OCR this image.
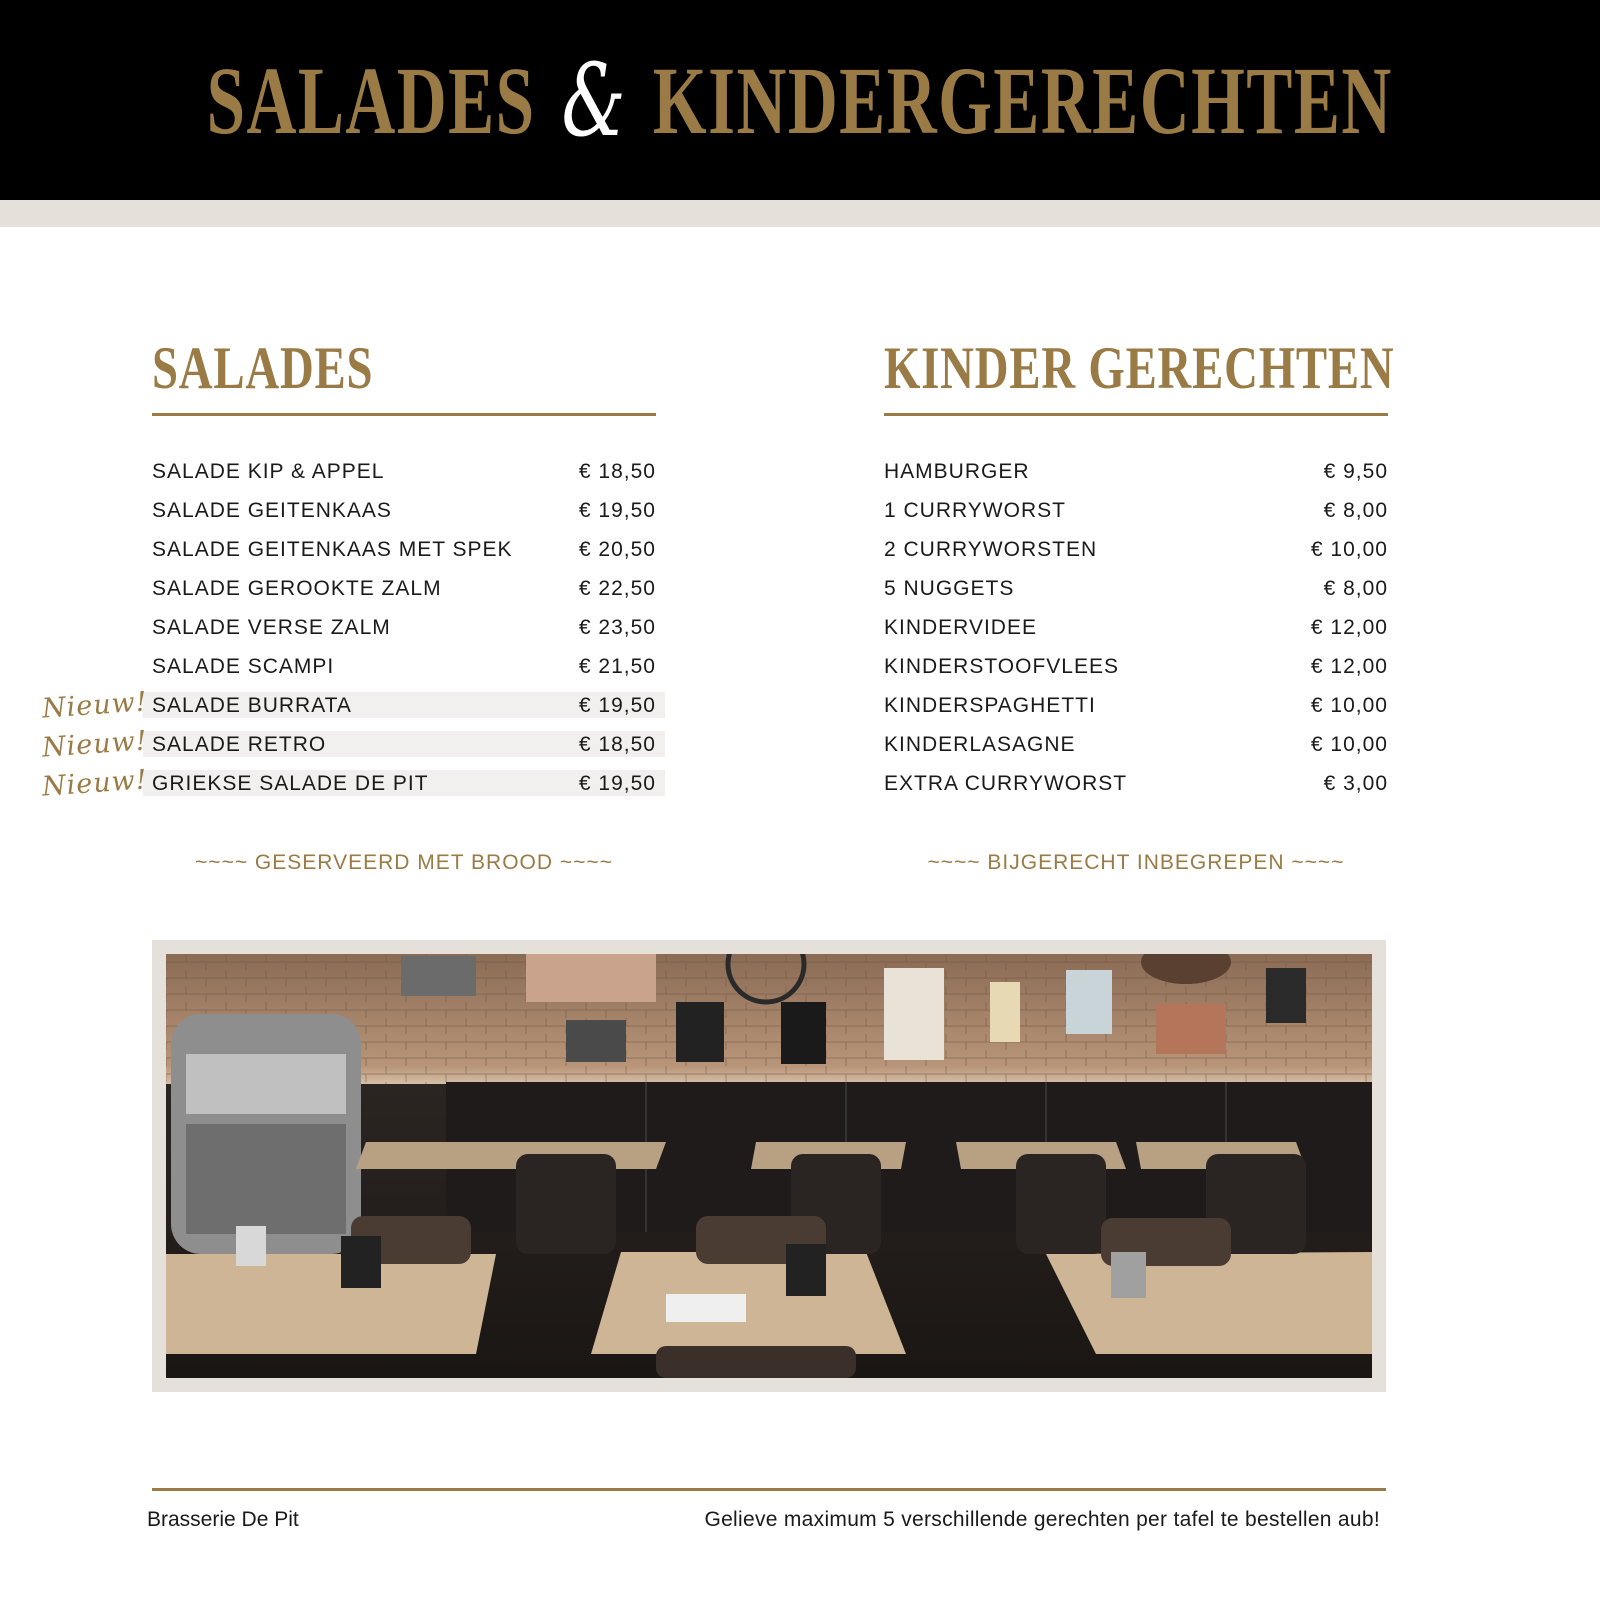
SALADES & KINDERGERECHTEN
SALADES
SALADE KIP & APPEL	€ 18,50
SALADE GEITENKAAS	€ 19,50
SALADE GEITENKAAS MET SPEK	€ 20,50
SALADE GEROOKTE ZALM	€ 22,50
SALADE VERSE ZALM	€ 23,50
SALADE SCAMPI	€ 21,50
Nieuw! SALADE BURRATA	€ 19,50
Nieuw! SALADE RETRO	€ 18,50
Nieuw! GRIEKSE SALADE DE PIT	€ 19,50
~~~~ GESERVEERD MET BROOD ~~~~
KINDER GERECHTEN
HAMBURGER	€ 9,50
1 CURRYWORST	€ 8,00
2 CURRYWORSTEN	€ 10,00
5 NUGGETS	€ 8,00
KINDERVIDEE	€ 12,00
KINDERSTOOFVLEES	€ 12,00
KINDERSPAGHETTI	€ 10,00
KINDERLASAGNE	€ 10,00
EXTRA CURRYWORST	€ 3,00
~~~~ BIJGERECHT INBEGREPEN ~~~~
Brasserie De Pit	Gelieve maximum 5 verschillende gerechten per tafel te bestellen aub!
